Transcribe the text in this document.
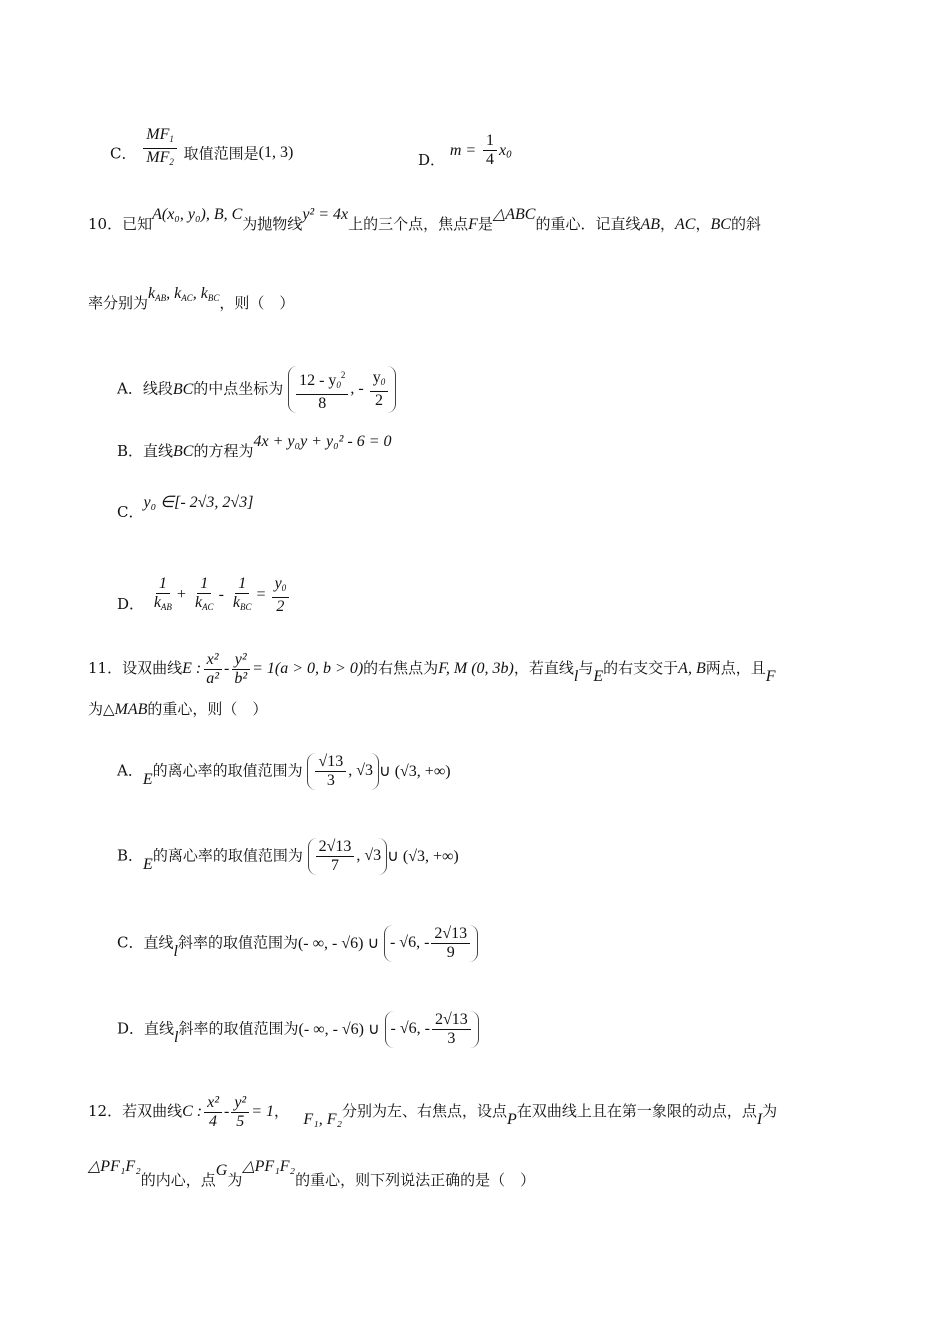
C． $\frac{MF_1}{MF_2}$ 取值范围是(1, 3)	D． $m = \frac{1}{4} x_0$
10．已知A(x₀, y₀), B, C为抛物线y² = 4x上的三个点，焦点F是△ABC的重心．记直线AB，AC，BC的斜
率分别为$k_{AB}$, $k_{AC}$, $k_{BC}$，则（　）
A．线段BC的中点坐标为 $\frac{12 - y_0^2}{8}$ , - $\frac{y_0}{2}$
B．直线BC的方程为4x + y₀y + y₀² - 6 = 0
C．y₀ ∈[- 2√3, 2√3]
D． $\frac{1}{k_{AB}} + \frac{1}{k_{AC}} - \frac{1}{k_{BC}} = \frac{y_0}{2}$
11．设双曲线E : $\frac{\text{x²}}{\text{a²}} - \frac{\text{y²}}{\text{b²}} = 1(a > 0$, b > 0)的右焦点为F, M (0, 3b)，若直线l与E的右支交于A, B两点，且F
为△MAB的重心，则（　）
A．E的离心率的取值范围为 $\frac{√13}{3}$ , √3 ∪ (√3, +∞)
B．E的离心率的取值范围为 $\frac{2√13}{7}$ , √3 ∪ (√3, +∞)
C．直线l斜率的取值范围为(- ∞, - √6) ∪ - √6, - $\frac{2√13}{9}$
D．直线l斜率的取值范围为(- ∞, - √6) ∪ - √6, - $\frac{2√13}{3}$
12．若双曲线C : $\frac{\text{x²}}{4} - \frac{\text{y²}}{5} = 1$， F₁, F₂分别为左、右焦点，设点P在双曲线上且在第一象限的动点，点I为
△PF₁F₂的内心，点G为△PF₁F₂的重心，则下列说法正确的是（　）
